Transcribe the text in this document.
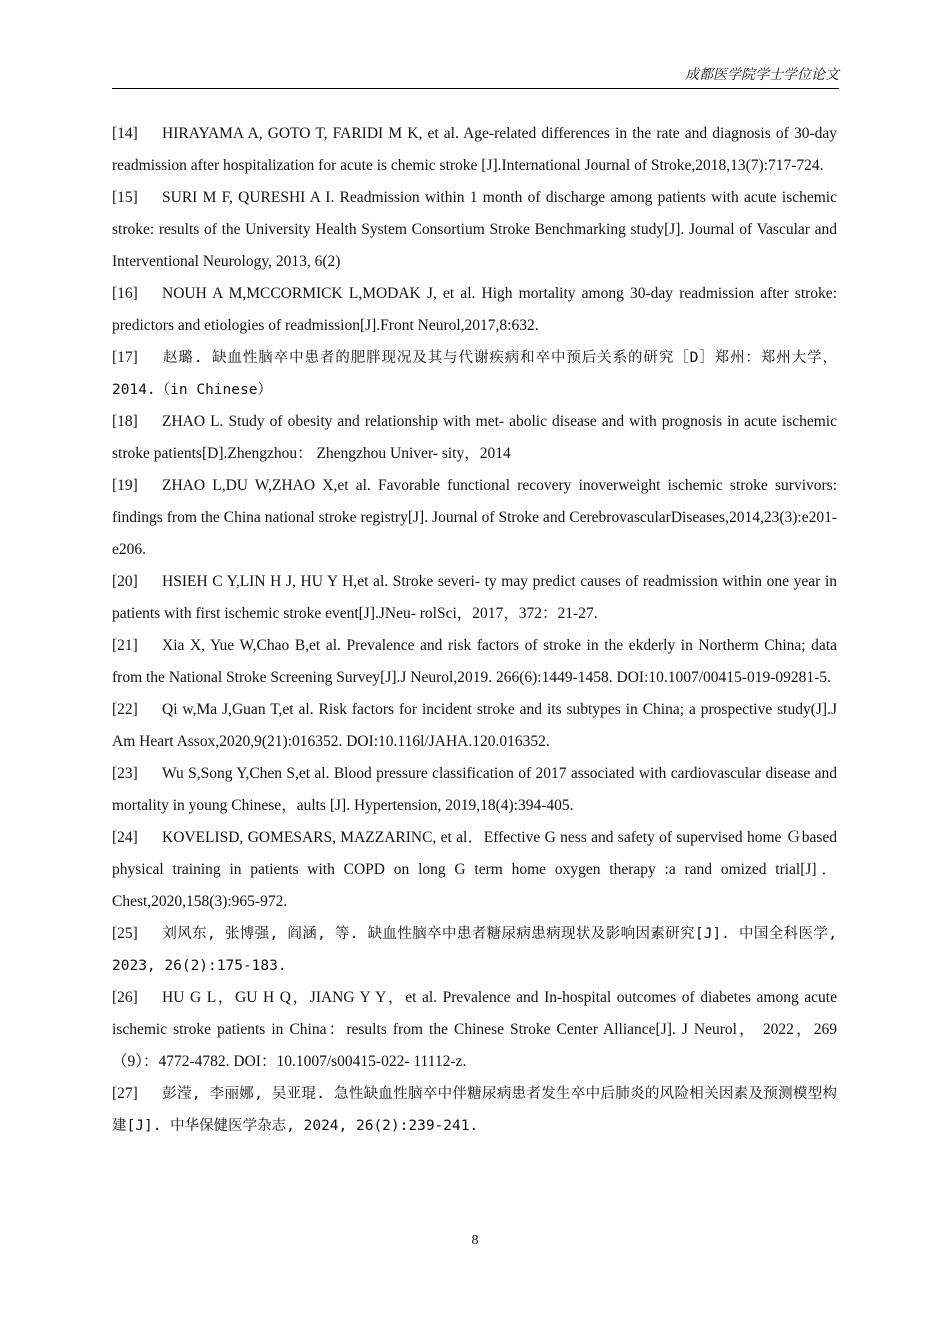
成都医学院学士学位论文
[14] HIRAYAMA A, GOTO T, FARIDI M K, et al. Age-related differences in the rate and diagnosis of 30-day readmission after hospitalization for acute is chemic stroke [J].International Journal of Stroke,2018,13(7):717-724.
[15] SURI M F, QURESHI A I. Readmission within 1 month of discharge among patients with acute ischemic stroke: results of the University Health System Consortium Stroke Benchmarking study[J]. Journal of Vascular and Interventional Neurology, 2013, 6(2)
[16] NOUH A M,MCCORMICK L,MODAK J, et al. High mortality among 30-day readmission after stroke: predictors and etiologies of readmission[J].Front Neurol,2017,8:632.
[17] 赵璐. 缺血性脑卒中患者的肥胖现况及其与代谢疾病和卒中预后关系的研究［D］郑州：郑州大学，2014.（in Chinese）
[18] ZHAO L. Study of obesity and relationship with met- abolic disease and with prognosis in acute ischemic stroke patients[D].Zhengzhou： Zhengzhou Univer- sity，2014
[19] ZHAO L,DU W,ZHAO X,et al. Favorable functional recovery inoverweight ischemic stroke survivors: findings from the China national stroke registry[J]. Journal of Stroke and CerebrovascularDiseases,2014,23(3):e201-e206.
[20] HSIEH C Y,LIN H J, HU Y H,et al. Stroke severi- ty may predict causes of readmission within one year in patients with first ischemic stroke event[J].JNeu- rolSci，2017，372：21-27.
[21] Xia X, Yue W,Chao B,et al. Prevalence and risk factors of stroke in the ekderly in Northerm China; data from the National Stroke Screening Survey[J].J Neurol,2019. 266(6):1449-1458. DOI:10.1007/00415-019-09281-5.
[22] Qi w,Ma J,Guan T,et al. Risk factors for incident stroke and its subtypes in China; a prospective study(J].J Am Heart Assox,2020,9(21):016352. DOI:10.116l/JAHA.120.016352.
[23] Wu S,Song Y,Chen S,et al. Blood pressure classification of 2017 associated with cardiovascular disease and mortality in young Chinese，aults [J]. Hypertension, 2019,18(4):394-405.
[24] KOVELISD, GOMESARS, MAZZARINC, et al．Effective G ness and safety of supervised home Ｇbased physical training in patients with COPD on long G term home oxygen therapy :a rand omized trial[J]．Chest,2020,158(3):965-972.
[25] 刘风东, 张博强, 阎涵, 等. 缺血性脑卒中患者糖尿病患病现状及影响因素研究[J]. 中国全科医学, 2023, 26(2):175-183.
[26] HU G L，GU H Q，JIANG Y Y，et al. Prevalence and In-hospital outcomes of diabetes among acute ischemic stroke patients in China：results from the Chinese Stroke Center Alliance[J]. J Neurol， 2022，269（9）：4772-4782. DOI：10.1007/s00415-022- 11112-z.
[27] 彭滢, 李丽娜, 吴亚琨. 急性缺血性脑卒中伴糖尿病患者发生卒中后肺炎的风险相关因素及预测模型构建[J]. 中华保健医学杂志, 2024, 26(2):239-241.
8
